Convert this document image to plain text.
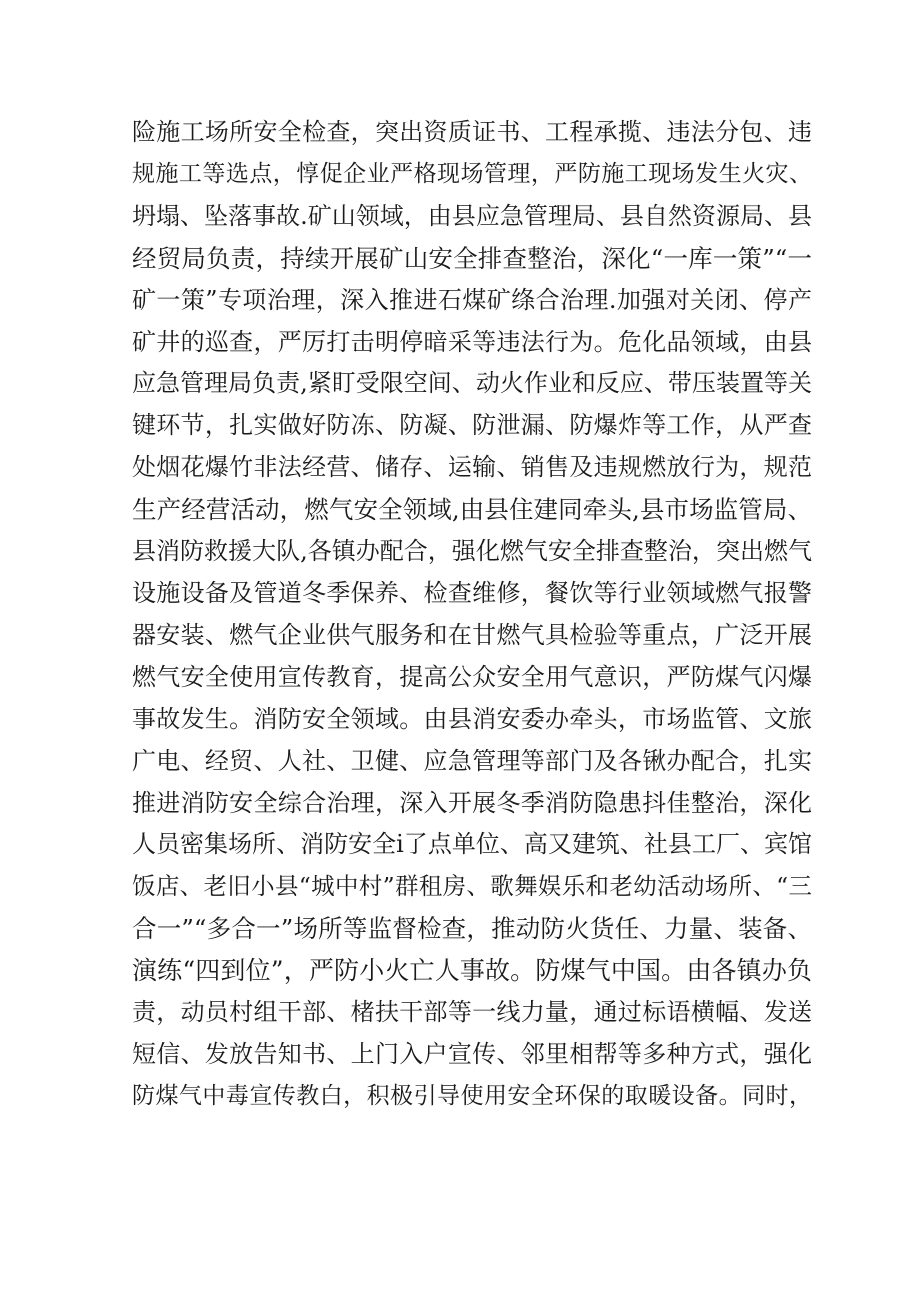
险施工场所安全检查，突出资质证书、工程承揽、违法分包、违
规施工等选点，惇促企业严格现场管理，严防施工现场发生火灾、
坍塌、坠落事故.矿山领域，由县应急管理局、县自然资源局、县
经贸局负责，持续开展矿山安全排查整治，深化“一库一策”“一
矿一策”专项治理，深入推进石煤矿绦合治理.加强对关闭、停产
矿井的巡查，严厉打击明停暗采等违法行为。危化品领域，由县
应急管理局负责,紧盯受限空间、动火作业和反应、带压装置等关
键环节，扎实做好防冻、防凝、防泄漏、防爆炸等工作，从严查
处烟花爆竹非法经营、储存、运输、销售及违规燃放行为，规范
生产经营活动，燃气安全领域,由县住建同牵头,县市场监管局、
县消防救援大队,各镇办配合，强化燃气安全排查整治，突出燃气
设施设备及管道冬季保养、检查维修，餐饮等行业领域燃气报警
器安装、燃气企业供气服务和在甘燃气具检验等重点，广泛开展
燃气安全使用宣传教育，提高公众安全用气意识，严防煤气闪爆
事故发生。消防安全领域。由县消安委办牵头，市场监管、文旅
广电、经贸、人社、卫健、应急管理等部门及各锹办配合，扎实
推进消防安全综合治理，深入开展冬季消防隐患抖佳整治，深化
人员密集场所、消防安全i了点单位、高又建筑、社县工厂、宾馆
饭店、老旧小县“城中村”群租房、歌舞娱乐和老幼活动场所、“三
合一”“多合一”场所等监督检查，推动防火货任、力量、装备、
演练“四到位”，严防小火亡人事故。防煤气中国。由各镇办负
责，动员村组干部、楮扶干部等一线力量，通过标语横幅、发送
短信、发放告知书、上门入户宣传、邻里相帮等多种方式，强化
防煤气中毒宣传教白，积极引导使用安全环保的取暖设备。同时，
